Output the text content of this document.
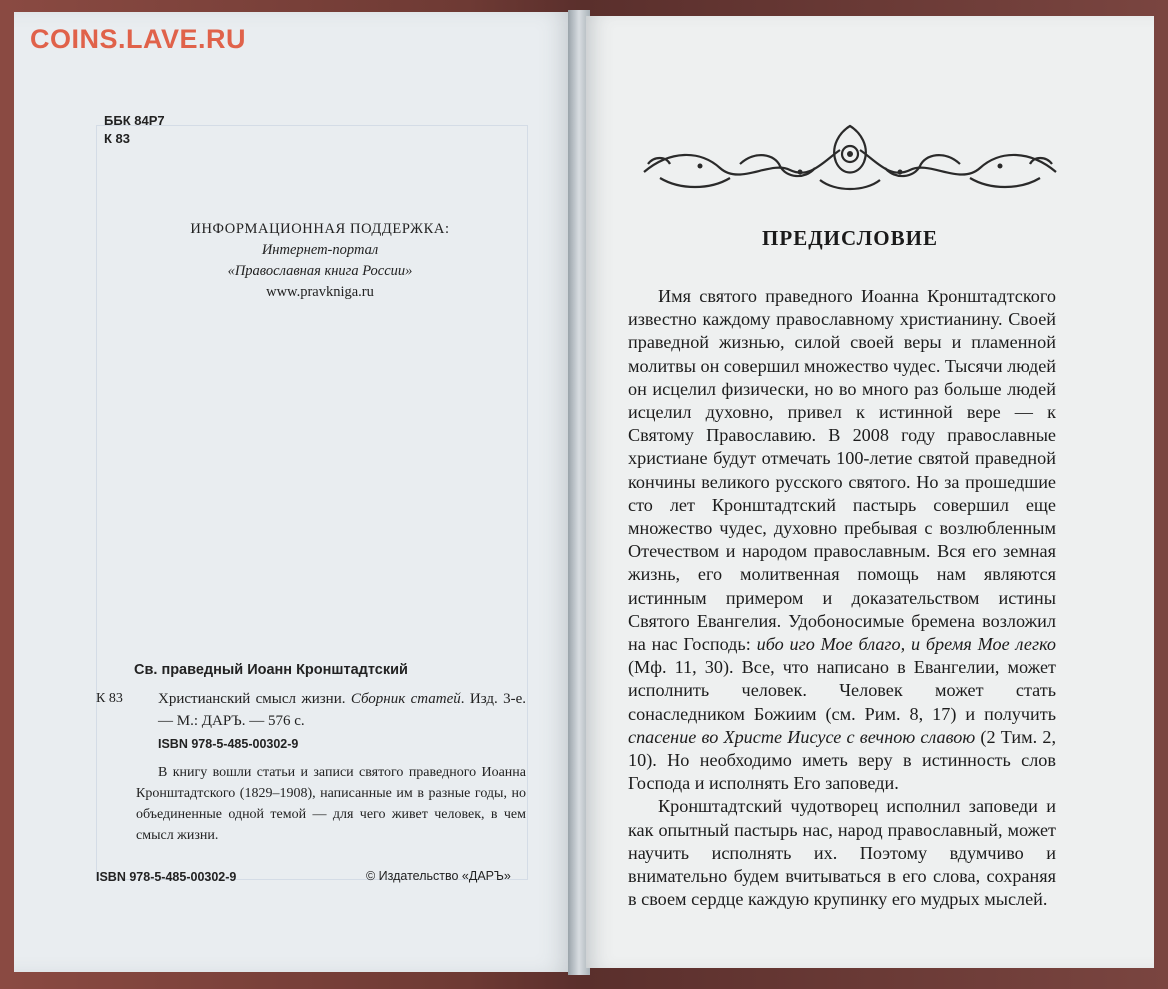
COINS.LAVE.RU
ББК 84Р7
К 83
ИНФОРМАЦИОННАЯ ПОДДЕРЖКА:
Интернет-портал
«Православная книга России»
www.pravkniga.ru
Св. праведный Иоанн Кронштадтский
К 83 Христианский смысл жизни. Сборник статей. Изд. 3-е. — М.: ДАРЪ. — 576 с.
ISBN 978-5-485-00302-9
В книгу вошли статьи и записи святого праведного Иоанна Кронштадтского (1829–1908), написанные им в разные годы, но объединенные одной темой — для чего живет человек, в чем смысл жизни.
ISBN 978-5-485-00302-9	© Издательство «ДАРЪ»
ПРЕДИСЛОВИЕ

Имя святого праведного Иоанна Кронштадтского известно каждому православному христианину. Своей праведной жизнью, силой своей веры и пламенной молитвы он совершил множество чудес. Тысячи людей он исцелил физически, но во много раз больше людей исцелил духовно, привел к истинной вере — к Святому Православию. В 2008 году православные христиане будут отмечать 100-летие святой праведной кончины великого русского святого. Но за прошедшие сто лет Кронштадтский пастырь совершил еще множество чудес, духовно пребывая с возлюбленным Отечеством и народом православным. Вся его земная жизнь, его молитвенная помощь нам являются истинным примером и доказательством истины Святого Евангелия. Удобоносимые бремена возложил на нас Господь: ибо иго Мое благо, и бремя Мое легко (Мф. 11, 30). Все, что написано в Евангелии, может исполнить человек. Человек может стать сонаследником Божиим (см. Рим. 8, 17) и получить спасение во Христе Иисусе с вечною славою (2 Тим. 2, 10). Но необходимо иметь веру в истинность слов Господа и исполнять Его заповеди.

Кронштадтский чудотворец исполнил заповеди и как опытный пастырь нас, народ православный, может научить исполнять их. Поэтому вдумчиво и внимательно будем вчитываться в его слова, сохраняя в своем сердце каждую крупинку его мудрых мыслей.
